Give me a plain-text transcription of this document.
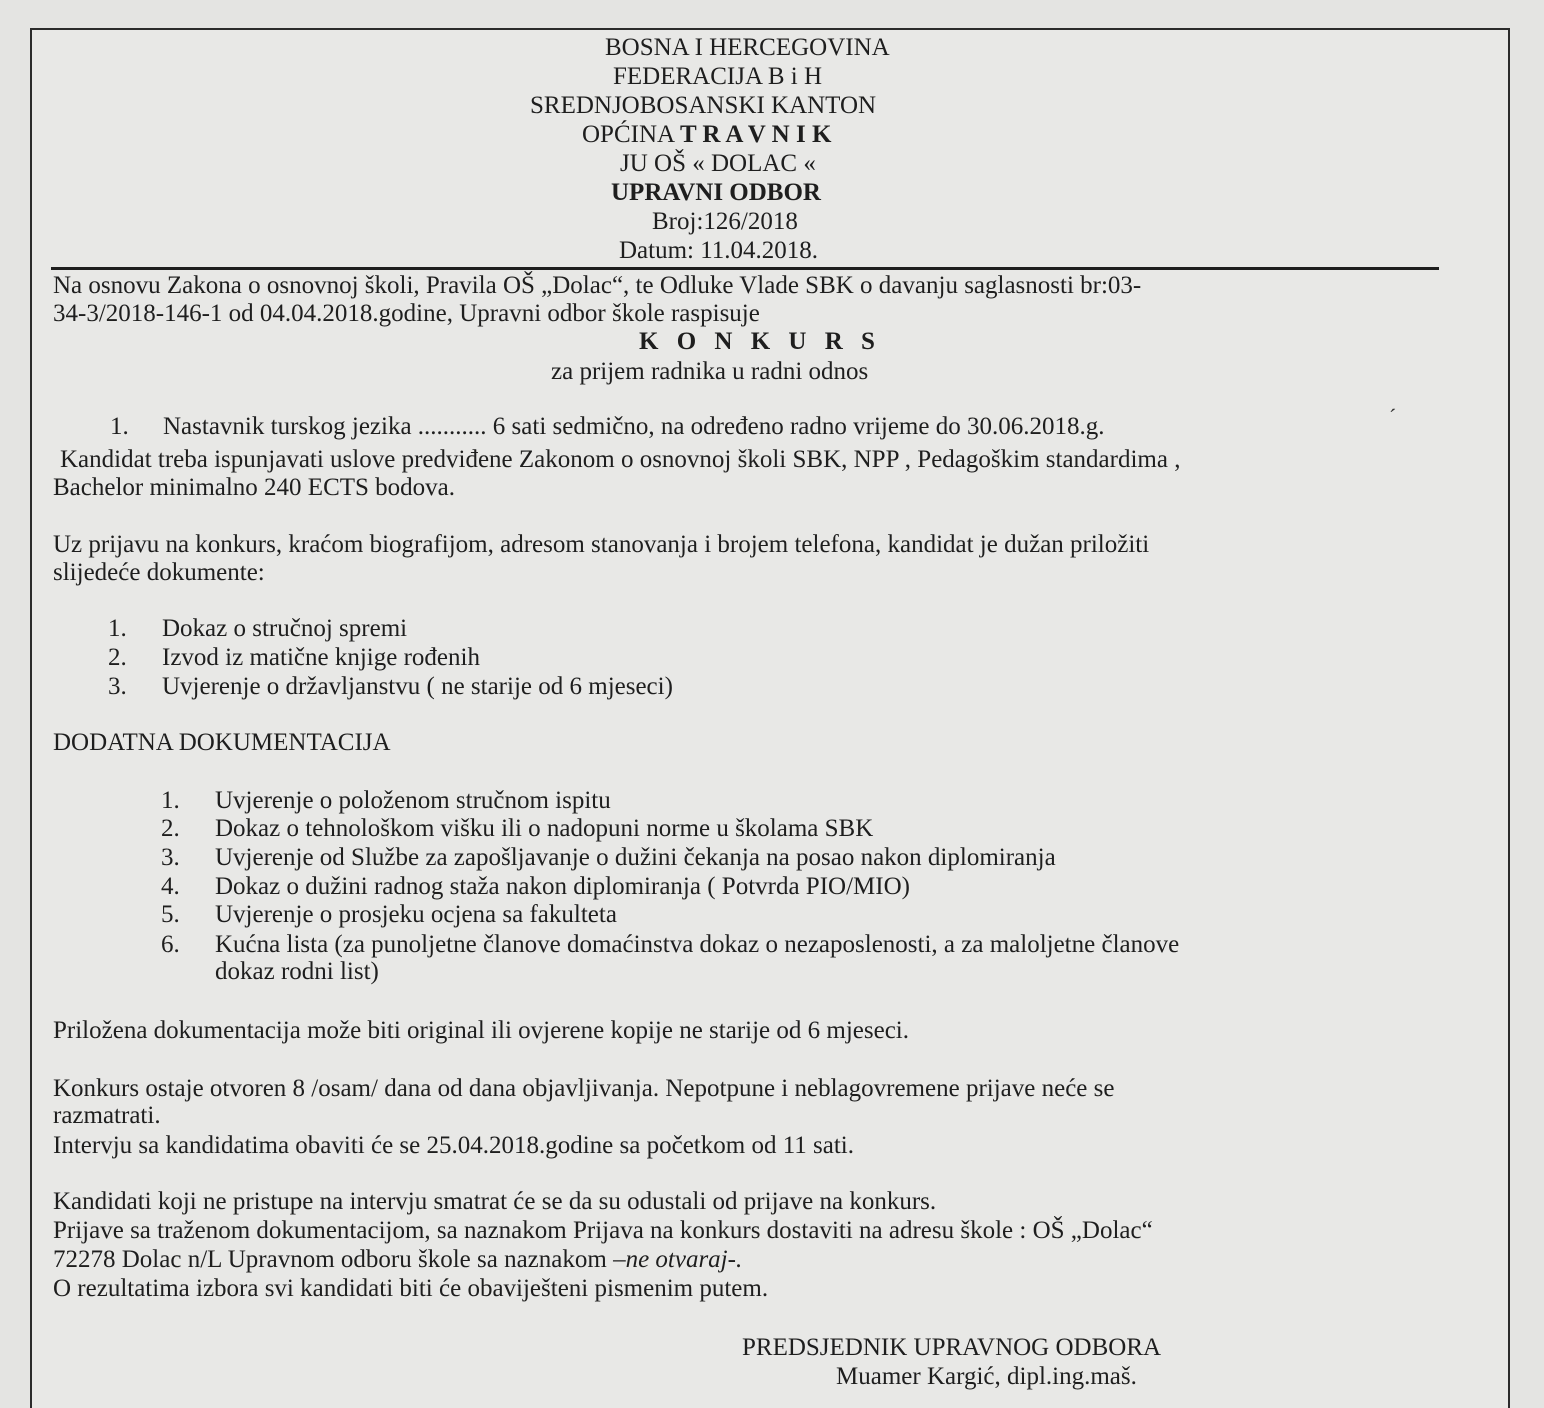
BOSNA I HERCEGOVINA
FEDERACIJA B i H
SREDNJOBOSANSKI KANTON
OPĆINA T R A V N I K
JU OŠ « DOLAC «
UPRAVNI ODBOR
Broj:126/2018
Datum: 11.04.2018.
Na osnovu Zakona o osnovnoj školi, Pravila OŠ „Dolac“, te Odluke Vlade SBK o davanju saglasnosti br:03-
34-3/2018-146-1 od 04.04.2018.godine, Upravni odbor škole raspisuje
K O N K U R S
za prijem radnika u radni odnos
1. Nastavnik turskog jezika ........... 6 sati sedmično, na određeno radno vrijeme do 30.06.2018.g.	´
Kandidat treba ispunjavati uslove predviđene Zakonom o osnovnoj školi SBK, NPP , Pedagoškim standardima ,
Bachelor minimalno 240 ECTS bodova.
Uz prijavu na konkurs, kraćom biografijom, adresom stanovanja i brojem telefona, kandidat je dužan priložiti
slijedeće dokumente:
1. Dokaz o stručnoj spremi
2. Izvod iz matične knjige rođenih
3. Uvjerenje o državljanstvu ( ne starije od 6 mjeseci)
DODATNA DOKUMENTACIJA
1. Uvjerenje o položenom stručnom ispitu
2. Dokaz o tehnološkom višku ili o nadopuni norme u školama SBK
3. Uvjerenje od Službe za zapošljavanje o dužini čekanja na posao nakon diplomiranja
4. Dokaz o dužini radnog staža nakon diplomiranja ( Potvrda PIO/MIO)
5. Uvjerenje o prosjeku ocjena sa fakulteta
6. Kućna lista (za punoljetne članove domaćinstva dokaz o nezaposlenosti, a za maloljetne članove
dokaz rodni list)
Priložena dokumentacija može biti original ili ovjerene kopije ne starije od 6 mjeseci.
Konkurs ostaje otvoren 8 /osam/ dana od dana objavljivanja. Nepotpune i neblagovremene prijave neće se
razmatrati.
Intervju sa kandidatima obaviti će se 25.04.2018.godine sa početkom od 11 sati.
Kandidati koji ne pristupe na intervju smatrat će se da su odustali od prijave na konkurs.
Prijave sa traženom dokumentacijom, sa naznakom Prijava na konkurs dostaviti na adresu škole : OŠ „Dolac“
72278 Dolac n/L Upravnom odboru škole sa naznakom –ne otvaraj-.
O rezultatima izbora svi kandidati biti će obaviješteni pismenim putem.
PREDSJEDNIK UPRAVNOG ODBORA
Muamer Kargić, dipl.ing.maš.
